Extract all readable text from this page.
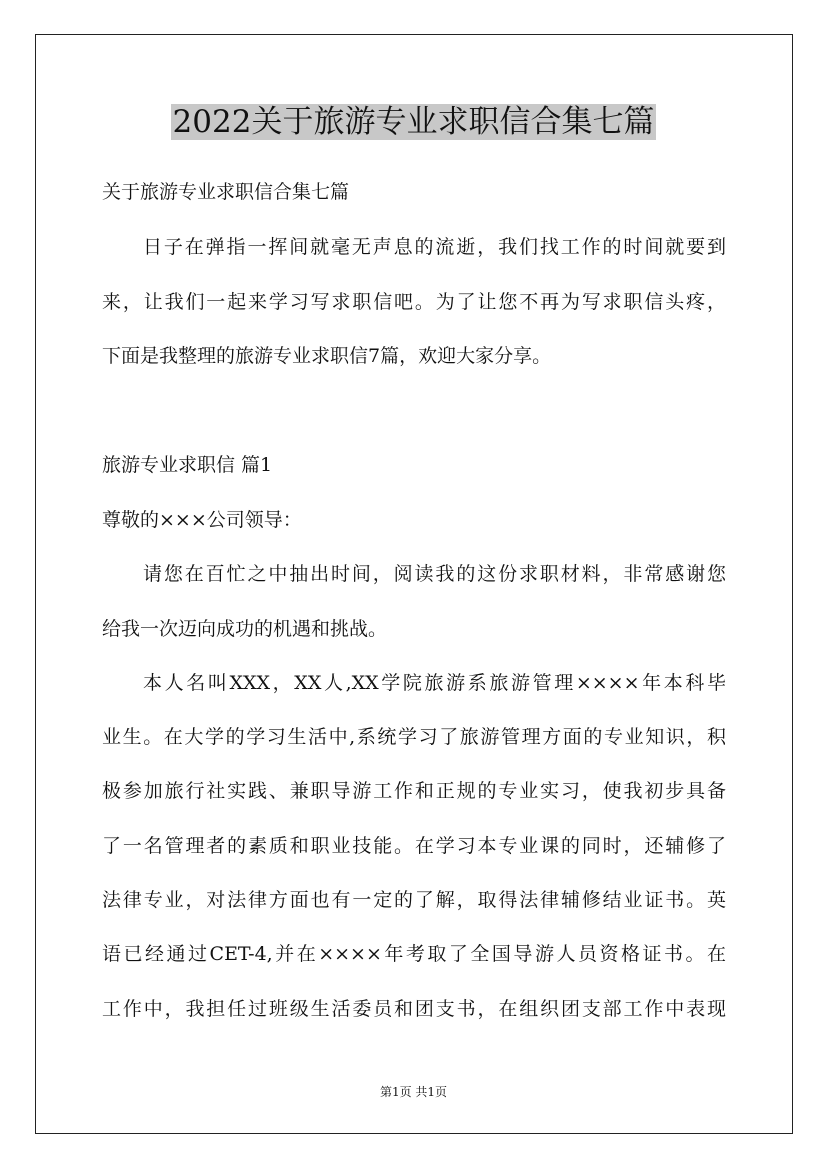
2022关于旅游专业求职信合集七篇

关于旅游专业求职信合集七篇

日子在弹指一挥间就毫无声息的流逝，我们找工作的时间就要到

来，让我们一起来学习写求职信吧。为了让您不再为写求职信头疼，

下面是我整理的旅游专业求职信7篇，欢迎大家分享。

旅游专业求职信 篇1

尊敬的×××公司领导：

请您在百忙之中抽出时间，阅读我的这份求职材料，非常感谢您

给我一次迈向成功的机遇和挑战。

本人名叫XXX，XX人,XX学院旅游系旅游管理××××年本科毕

业生。在大学的学习生活中,系统学习了旅游管理方面的专业知识，积

极参加旅行社实践、兼职导游工作和正规的专业实习，使我初步具备

了一名管理者的素质和职业技能。在学习本专业课的同时，还辅修了

法律专业，对法律方面也有一定的了解，取得法律辅修结业证书。英

语已经通过CET-4,并在××××年考取了全国导游人员资格证书。在

工作中，我担任过班级生活委员和团支书，在组织团支部工作中表现

第1页 共1页
